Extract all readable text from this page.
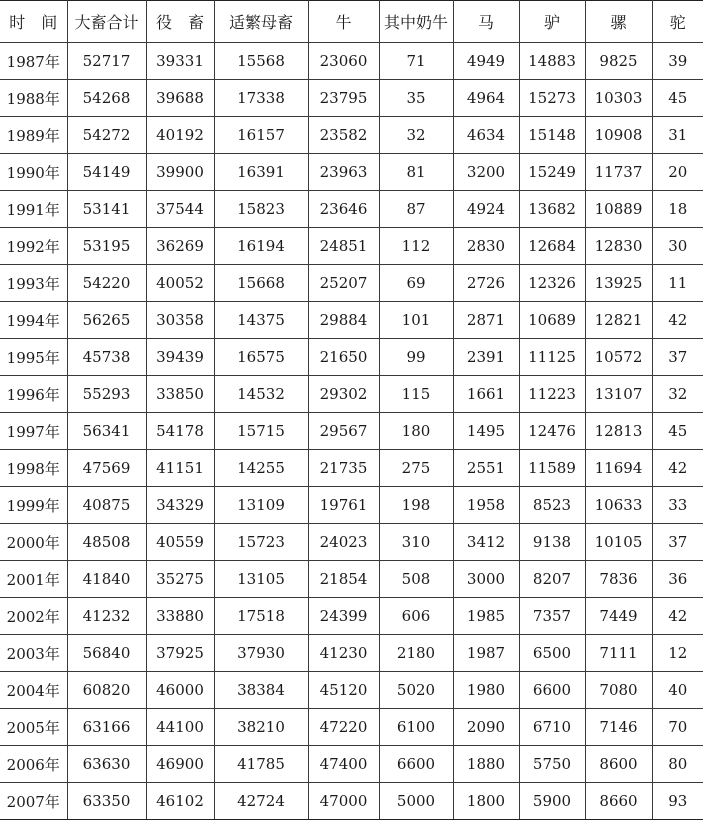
时　间	大畜合计	役　畜	适繁母畜	牛	其中奶牛	马	驴	骡	驼
1987年	52717	39331	15568	23060	71	4949	14883	9825	39
1988年	54268	39688	17338	23795	35	4964	15273	10303	45
1989年	54272	40192	16157	23582	32	4634	15148	10908	31
1990年	54149	39900	16391	23963	81	3200	15249	11737	20
1991年	53141	37544	15823	23646	87	4924	13682	10889	18
1992年	53195	36269	16194	24851	112	2830	12684	12830	30
1993年	54220	40052	15668	25207	69	2726	12326	13925	11
1994年	56265	30358	14375	29884	101	2871	10689	12821	42
1995年	45738	39439	16575	21650	99	2391	11125	10572	37
1996年	55293	33850	14532	29302	115	1661	11223	13107	32
1997年	56341	54178	15715	29567	180	1495	12476	12813	45
1998年	47569	41151	14255	21735	275	2551	11589	11694	42
1999年	40875	34329	13109	19761	198	1958	8523	10633	33
2000年	48508	40559	15723	24023	310	3412	9138	10105	37
2001年	41840	35275	13105	21854	508	3000	8207	7836	36
2002年	41232	33880	17518	24399	606	1985	7357	7449	42
2003年	56840	37925	37930	41230	2180	1987	6500	7111	12
2004年	60820	46000	38384	45120	5020	1980	6600	7080	40
2005年	63166	44100	38210	47220	6100	2090	6710	7146	70
2006年	63630	46900	41785	47400	6600	1880	5750	8600	80
2007年	63350	46102	42724	47000	5000	1800	5900	8660	93
